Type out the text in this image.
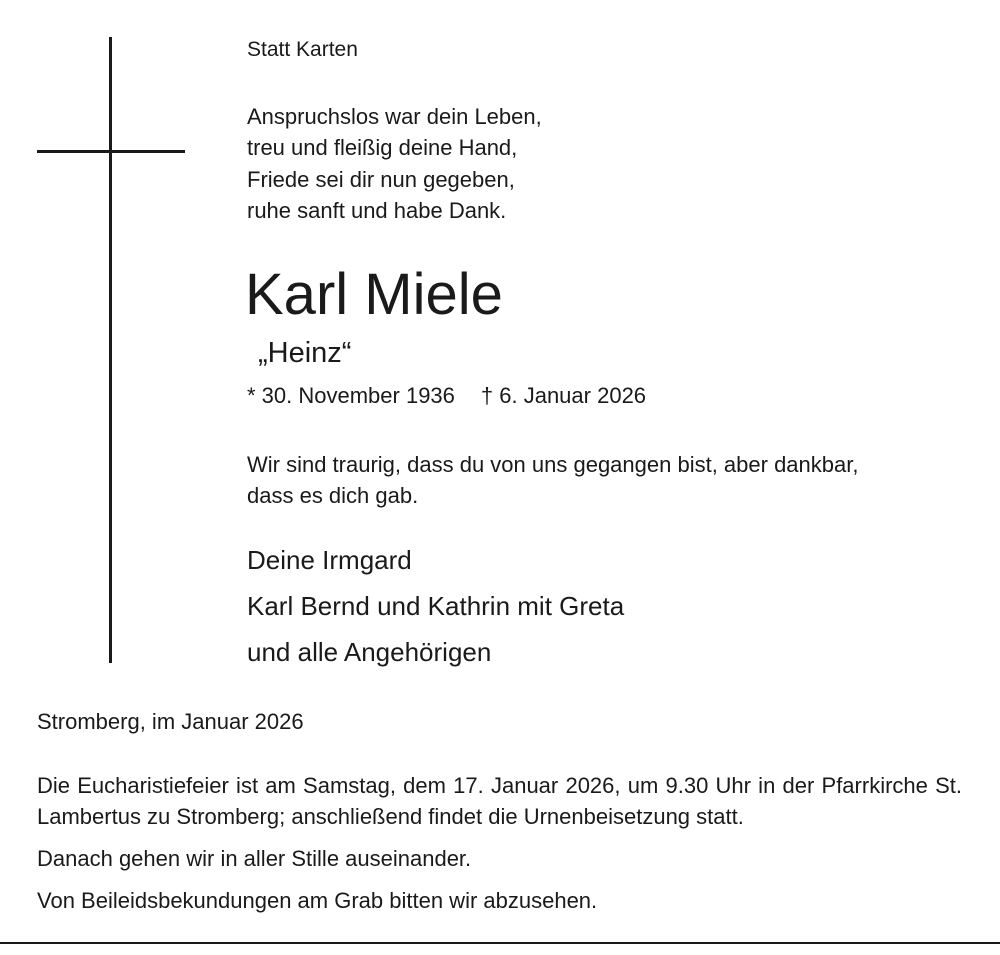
Statt Karten

Anspruchslos war dein Leben,

treu und fleißig deine Hand,

Friede sei dir nun gegeben,

ruhe sanft und habe Dank.

Karl Miele

„Heinz“

* 30. November 1936 † 6. Januar 2026

Wir sind traurig, dass du von uns gegangen bist, aber dankbar,

dass es dich gab.

Deine Irmgard

Karl Bernd und Kathrin mit Greta

und alle Angehörigen

Stromberg, im Januar 2026

Die Eucharistiefeier ist am Samstag, dem 17. Januar 2026, um 9.30 Uhr in der Pfarrkirche St. Lambertus zu Stromberg; anschließend findet die Urnenbeisetzung statt.

Danach gehen wir in aller Stille auseinander.

Von Beileidsbekundungen am Grab bitten wir abzusehen.
